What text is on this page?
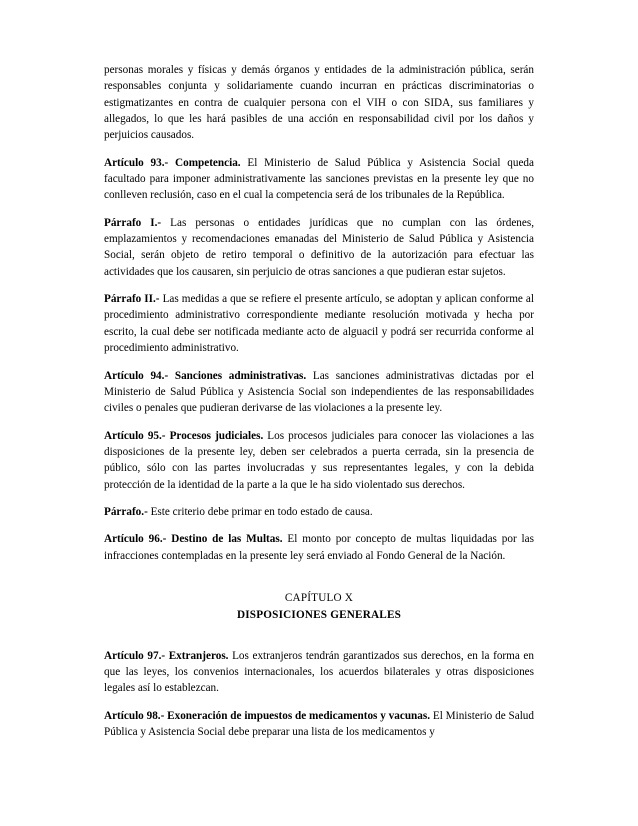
personas morales y físicas y demás órganos y entidades de la administración pública, serán responsables conjunta y solidariamente cuando incurran en prácticas discriminatorias o estigmatizantes en contra de cualquier persona con el VIH o con SIDA, sus familiares y allegados, lo que les hará pasibles de una acción en responsabilidad civil por los daños y perjuicios causados.

Artículo 93.- Competencia. El Ministerio de Salud Pública y Asistencia Social queda facultado para imponer administrativamente las sanciones previstas en la presente ley que no conlleven reclusión, caso en el cual la competencia será de los tribunales de la República.

Párrafo I.- Las personas o entidades jurídicas que no cumplan con las órdenes, emplazamientos y recomendaciones emanadas del Ministerio de Salud Pública y Asistencia Social, serán objeto de retiro temporal o definitivo de la autorización para efectuar las actividades que los causaren, sin perjuicio de otras sanciones a que pudieran estar sujetos.

Párrafo II.- Las medidas a que se refiere el presente artículo, se adoptan y aplican conforme al procedimiento administrativo correspondiente mediante resolución motivada y hecha por escrito, la cual debe ser notificada mediante acto de alguacil y podrá ser recurrida conforme al procedimiento administrativo.

Artículo 94.- Sanciones administrativas. Las sanciones administrativas dictadas por el Ministerio de Salud Pública y Asistencia Social son independientes de las responsabilidades civiles o penales que pudieran derivarse de las violaciones a la presente ley.

Artículo 95.- Procesos judiciales. Los procesos judiciales para conocer las violaciones a las disposiciones de la presente ley, deben ser celebrados a puerta cerrada, sin la presencia de público, sólo con las partes involucradas y sus representantes legales, y con la debida protección de la identidad de la parte a la que le ha sido violentado sus derechos.

Párrafo.- Este criterio debe primar en todo estado de causa.

Artículo 96.- Destino de las Multas. El monto por concepto de multas liquidadas por las infracciones contempladas en la presente ley será enviado al Fondo General de la Nación.

CAPÍTULO X
DISPOSICIONES GENERALES

Artículo 97.- Extranjeros. Los extranjeros tendrán garantizados sus derechos, en la forma en que las leyes, los convenios internacionales, los acuerdos bilaterales y otras disposiciones legales así lo establezcan.

Artículo 98.- Exoneración de impuestos de medicamentos y vacunas. El Ministerio de Salud Pública y Asistencia Social debe preparar una lista de los medicamentos y
